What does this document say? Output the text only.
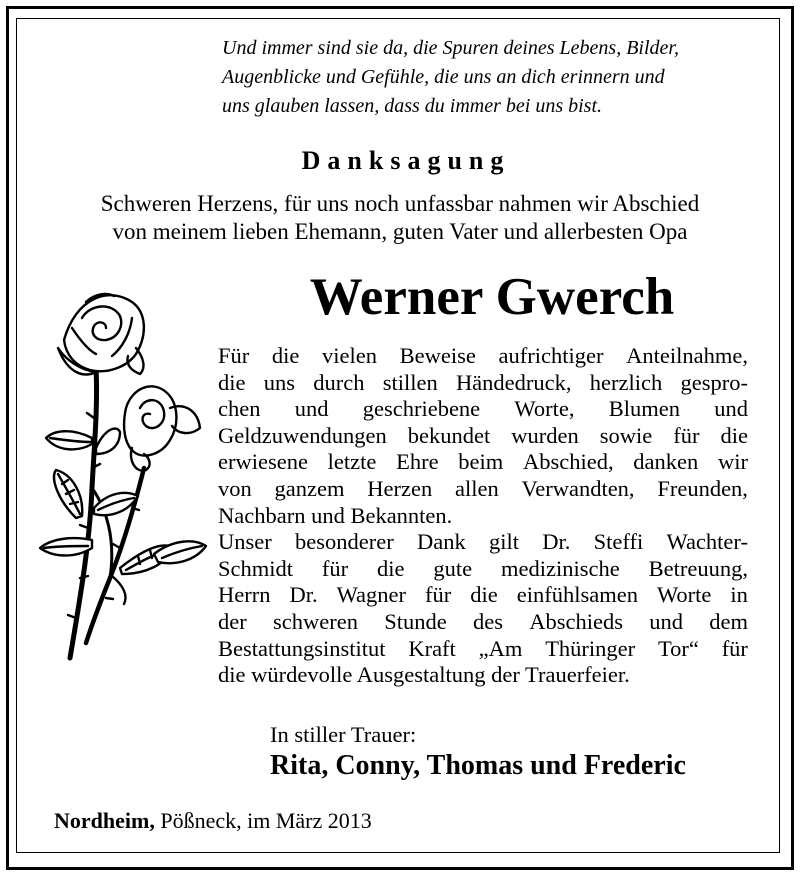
Und immer sind sie da, die Spuren deines Lebens, Bilder,
Augenblicke und Gefühle, die uns an dich erinnern und
uns glauben lassen, dass du immer bei uns bist.
Danksagung
Schweren Herzens, für uns noch unfassbar nahmen wir Abschied
von meinem lieben Ehemann, guten Vater und allerbesten Opa
Werner Gwerch
Für die vielen Beweise aufrichtiger Anteilnahme,
die uns durch stillen Händedruck, herzlich gespro-
chen und geschriebene Worte, Blumen und
Geldzuwendungen bekundet wurden sowie für die
erwiesene letzte Ehre beim Abschied, danken wir
von ganzem Herzen allen Verwandten, Freunden,
Nachbarn und Bekannten.
Unser besonderer Dank gilt Dr. Steffi Wachter-
Schmidt für die gute medizinische Betreuung,
Herrn Dr. Wagner für die einfühlsamen Worte in
der schweren Stunde des Abschieds und dem
Bestattungsinstitut Kraft „Am Thüringer Tor“ für
die würdevolle Ausgestaltung der Trauerfeier.
In stiller Trauer:
Rita, Conny, Thomas und Frederic
Nordheim, Pößneck, im März 2013
